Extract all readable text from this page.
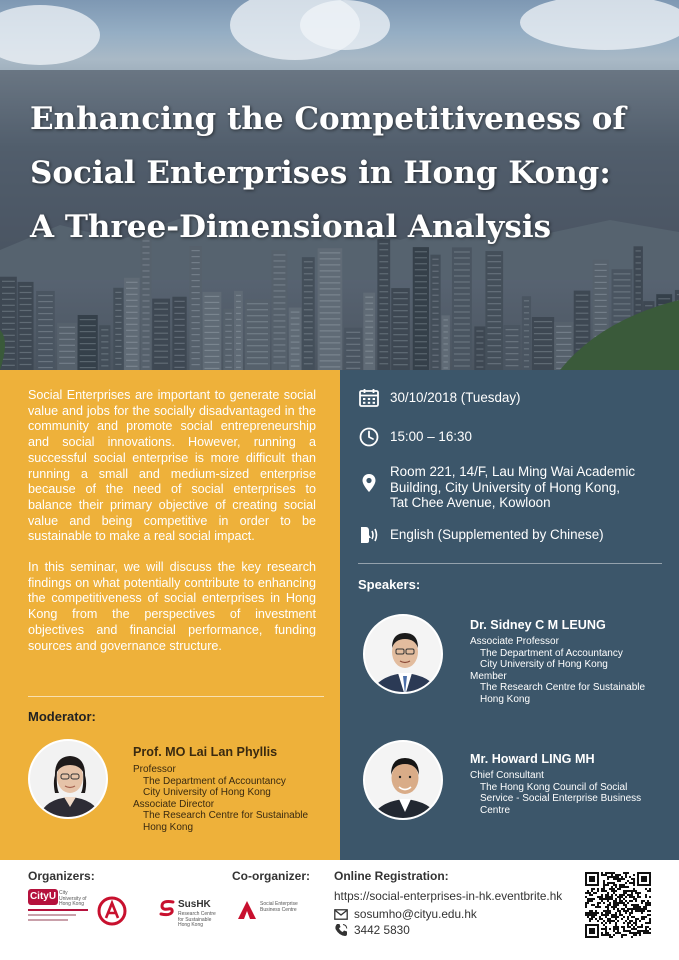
Enhancing the Competitiveness of
Social Enterprises in Hong Kong:
A Three-Dimensional Analysis

Social Enterprises are important to generate social value and jobs for the socially disadvantaged in the community and promote social entrepreneurship and social innovations. However, running a successful social enterprise is more difficult than running a small and medium-sized enterprise because of the need of social enterprises to balance their primary objective of creating social value and being competitive in order to be sustainable to make a real social impact.

In this seminar, we will discuss the key research findings on what potentially contribute to enhancing the competitiveness of social enterprises in Hong Kong from the perspectives of investment objectives and financial performance, funding sources and governance structure.

Moderator:
Prof. MO Lai Lan Phyllis
Professor
The Department of Accountancy
City University of Hong Kong
Associate Director
The Research Centre for Sustainable
Hong Kong
30/10/2018 (Tuesday)
15:00 – 16:30
Room 221, 14/F, Lau Ming Wai Academic
Building, City University of Hong Kong,
Tat Chee Avenue, Kowloon
English (Supplemented by Chinese)
Speakers:
Dr. Sidney C M LEUNG
Associate Professor
The Department of Accountancy
City University of Hong Kong
Member
The Research Centre for Sustainable
Hong Kong
Mr. Howard LING MH
Chief Consultant
The Hong Kong Council of Social
Service - Social Enterprise Business
Centre
Organizers:	Co-organizer: Online Registration:
CityU City University of Hong Kong	SusHK
Research Centre for Sustainable Hong Kong
Social Enterprise Business Centre
https://social-enterprises-in-hk.eventbrite.hk
sosumho@cityu.edu.hk
3442 5830
